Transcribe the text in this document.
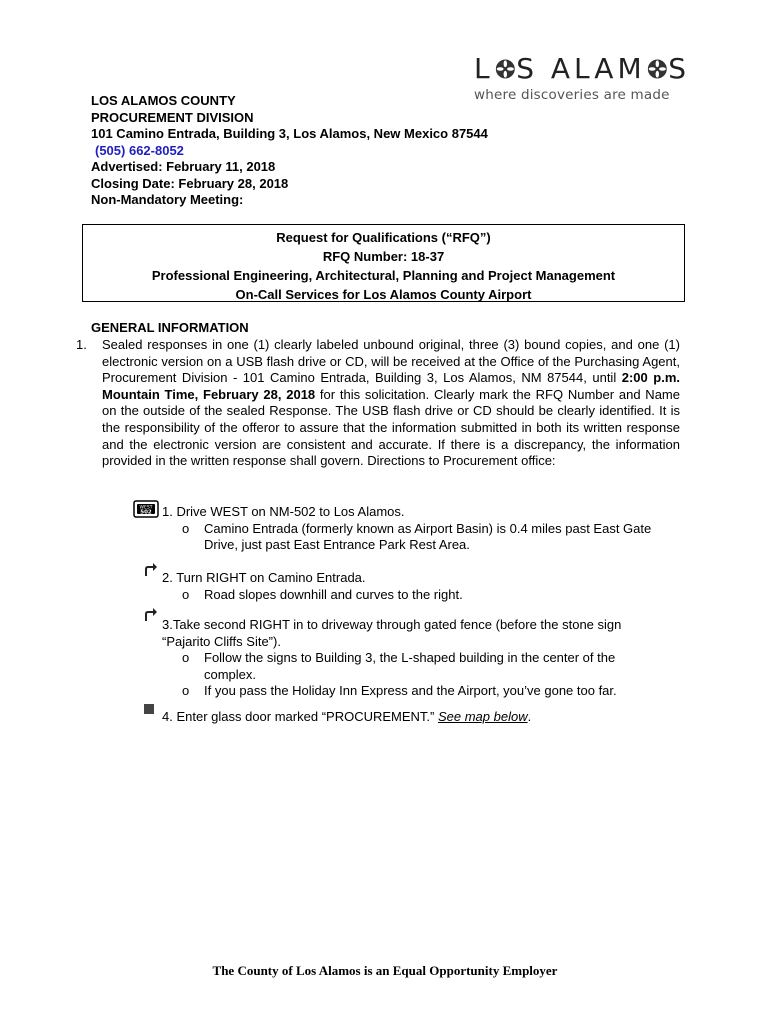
L S ALAM S
where discoveries are made
LOS ALAMOS COUNTY
PROCUREMENT DIVISION
101 Camino Entrada, Building 3, Los Alamos, New Mexico 87544
(505) 662-8052
Advertised: February 11, 2018
Closing Date: February 28, 2018
Non-Mandatory Meeting:
Request for Qualifications (“RFQ”)
RFQ Number: 18-37
Professional Engineering, Architectural, Planning and Project Management
On-Call Services for Los Alamos County Airport
GENERAL INFORMATION
1. Sealed responses in one (1) clearly labeled unbound original, three (3) bound copies, and one (1) electronic version on a USB flash drive or CD, will be received at the Office of the Purchasing Agent, Procurement Division - 101 Camino Entrada, Building 3, Los Alamos, NM 87544, until 2:00 p.m. Mountain Time, February 28, 2018 for this solicitation. Clearly mark the RFQ Number and Name on the outside of the sealed Response. The USB flash drive or CD should be clearly identified. It is the responsibility of the offeror to assure that the information submitted in both its written response and the electronic version are consistent and accurate. If there is a discrepancy, the information provided in the written response shall govern. Directions to Procurement office:
WEST
502 1. Drive WEST on NM-502 to Los Alamos.
o Camino Entrada (formerly known as Airport Basin) is 0.4 miles past East Gate Drive, just past East Entrance Park Rest Area.
2. Turn RIGHT on Camino Entrada.
o Road slopes downhill and curves to the right.
3.Take second RIGHT in to driveway through gated fence (before the stone sign “Pajarito Cliffs Site”).
o Follow the signs to Building 3, the L-shaped building in the center of the complex.
o If you pass the Holiday Inn Express and the Airport, you’ve gone too far.
4. Enter glass door marked “PROCUREMENT.” See map below.
The County of Los Alamos is an Equal Opportunity Employer
